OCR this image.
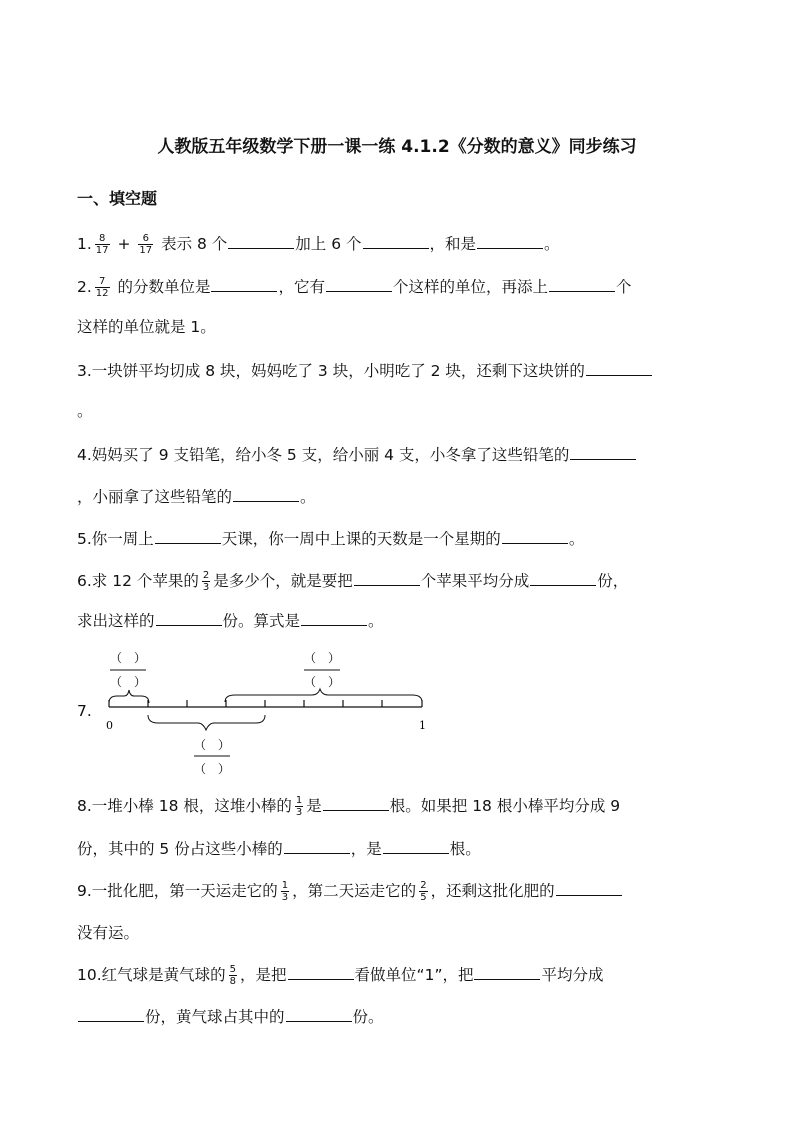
人教版五年级数学下册一课一练 4.1.2《分数的意义》同步练习
一、填空题
1. $\frac{8}{17} + \frac{6}{17}$ 表示 8 个	加上 6 个	，和是	。
2. $\frac{7}{12}$ 的分数单位是	，它有	个这样的单位，再添上	个
这样的单位就是 1。
3.一块饼平均切成 8 块，妈妈吃了 3 块，小明吃了 2 块，还剩下这块饼的
。
4.妈妈买了 9 支铅笔，给小冬 5 支，给小丽 4 支，小冬拿了这些铅笔的
，小丽拿了这些铅笔的	。
5.你一周上	天课，你一周中上课的天数是一个星期的	。
6.求 12 个苹果的 $\frac{2}{3}$ 是多少个，就是要把	个苹果平均分成	份，
求出这样的	份。算式是	。
7.
（　）
（　）
（　）
（　）
0	1
（　）
（　）
8.一堆小棒 18 根，这堆小棒的 $\frac{1}{3}$ 是	根。如果把 18 根小棒平均分成 9
份，其中的 5 份占这些小棒的	，是	根。
9.一批化肥，第一天运走它的 $\frac{1}{3}$ ，第二天运走它的 $\frac{2}{5}$ ，还剩这批化肥的
没有运。
10.红气球是黄气球的 $\frac{5}{8}$ ，是把	看做单位“1”，把	平均分成
份，黄气球占其中的	份。
